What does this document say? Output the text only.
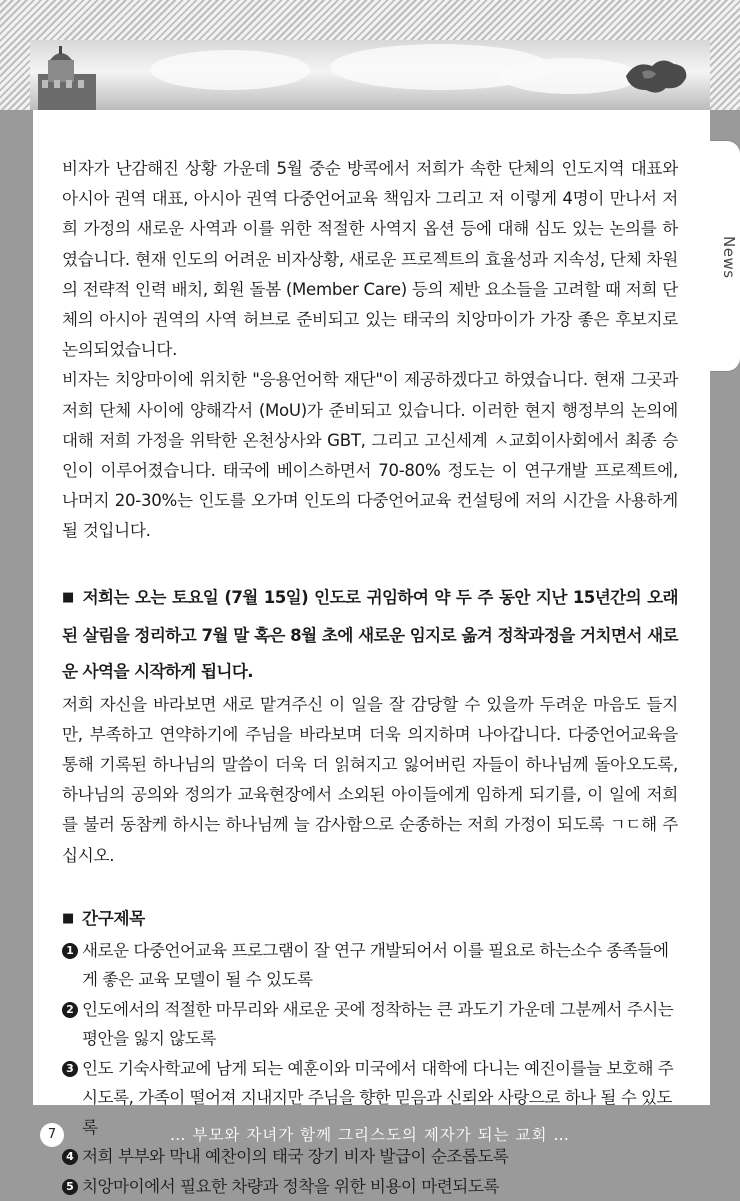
News

비자가 난감해진 상황 가운데 5월 중순 방콕에서 저희가 속한 단체의 인도지역 대표와 아시아 권역 대표, 아시아 권역 다중언어교육 책임자 그리고 저 이렇게 4명이 만나서 저희 가정의 새로운 사역과 이를 위한 적절한 사역지 옵션 등에 대해 심도 있는 논의를 하였습니다. 현재 인도의 어려운 비자상황, 새로운 프로젝트의 효율성과 지속성, 단체 차원의 전략적 인력 배치, 회원 돌봄 (Member Care) 등의 제반 요소들을 고려할 때 저희 단체의 아시아 권역의 사역 허브로 준비되고 있는 태국의 치앙마이가 가장 좋은 후보지로 논의되었습니다.

비자는 치앙마이에 위치한 "응용언어학 재단"이 제공하겠다고 하였습니다. 현재 그곳과 저희 단체 사이에 양해각서 (MoU)가 준비되고 있습니다. 이러한 현지 행정부의 논의에 대해 저희 가정을 위탁한 온천상사와 GBT, 그리고 고신세계 ㅅ교회이사회에서 최종 승인이 이루어졌습니다. 태국에 베이스하면서 70-80% 정도는 이 연구개발 프로젝트에, 나머지 20-30%는 인도를 오가며 인도의 다중언어교육 컨설팅에 저의 시간을 사용하게 될 것입니다.

■ 저희는 오는 토요일 (7월 15일) 인도로 귀임하여 약 두 주 동안 지난 15년간의 오래된 살림을 정리하고 7월 말 혹은 8월 초에 새로운 임지로 옮겨 정착과정을 거치면서 새로운 사역을 시작하게 됩니다.

저희 자신을 바라보면 새로 맡겨주신 이 일을 잘 감당할 수 있을까 두려운 마음도 들지만, 부족하고 연약하기에 주님을 바라보며 더욱 의지하며 나아갑니다. 다중언어교육을 통해 기록된 하나님의 말씀이 더욱 더 읽혀지고 잃어버린 자들이 하나님께 돌아오도록, 하나님의 공의와 정의가 교육현장에서 소외된 아이들에게 임하게 되기를, 이 일에 저희를 불러 동참케 하시는 하나님께 늘 감사함으로 순종하는 저희 가정이 되도록 ㄱㄷ해 주십시오.

■ 간구제목

1 새로운 다중언어교육 프로그램이 잘 연구 개발되어서 이를 필요로 하는소수 종족들에게 좋은 교육 모델이 될 수 있도록
2 인도에서의 적절한 마무리와 새로운 곳에 정착하는 큰 과도기 가운데 그분께서 주시는 평안을 잃지 않도록
3 인도 기숙사학교에 남게 되는 예훈이와 미국에서 대학에 다니는 예진이를늘 보호해 주시도록, 가족이 떨어져 지내지만 주님을 향한 믿음과 신뢰와 사랑으로 하나 될 수 있도록
4 저희 부부와 막내 예찬이의 태국 장기 비자 발급이 순조롭도록
5 치앙마이에서 필요한 차량과 정착을 위한 비용이 마련되도록
7	… 부모와 자녀가 함께 그리스도의 제자가 되는 교회 …
